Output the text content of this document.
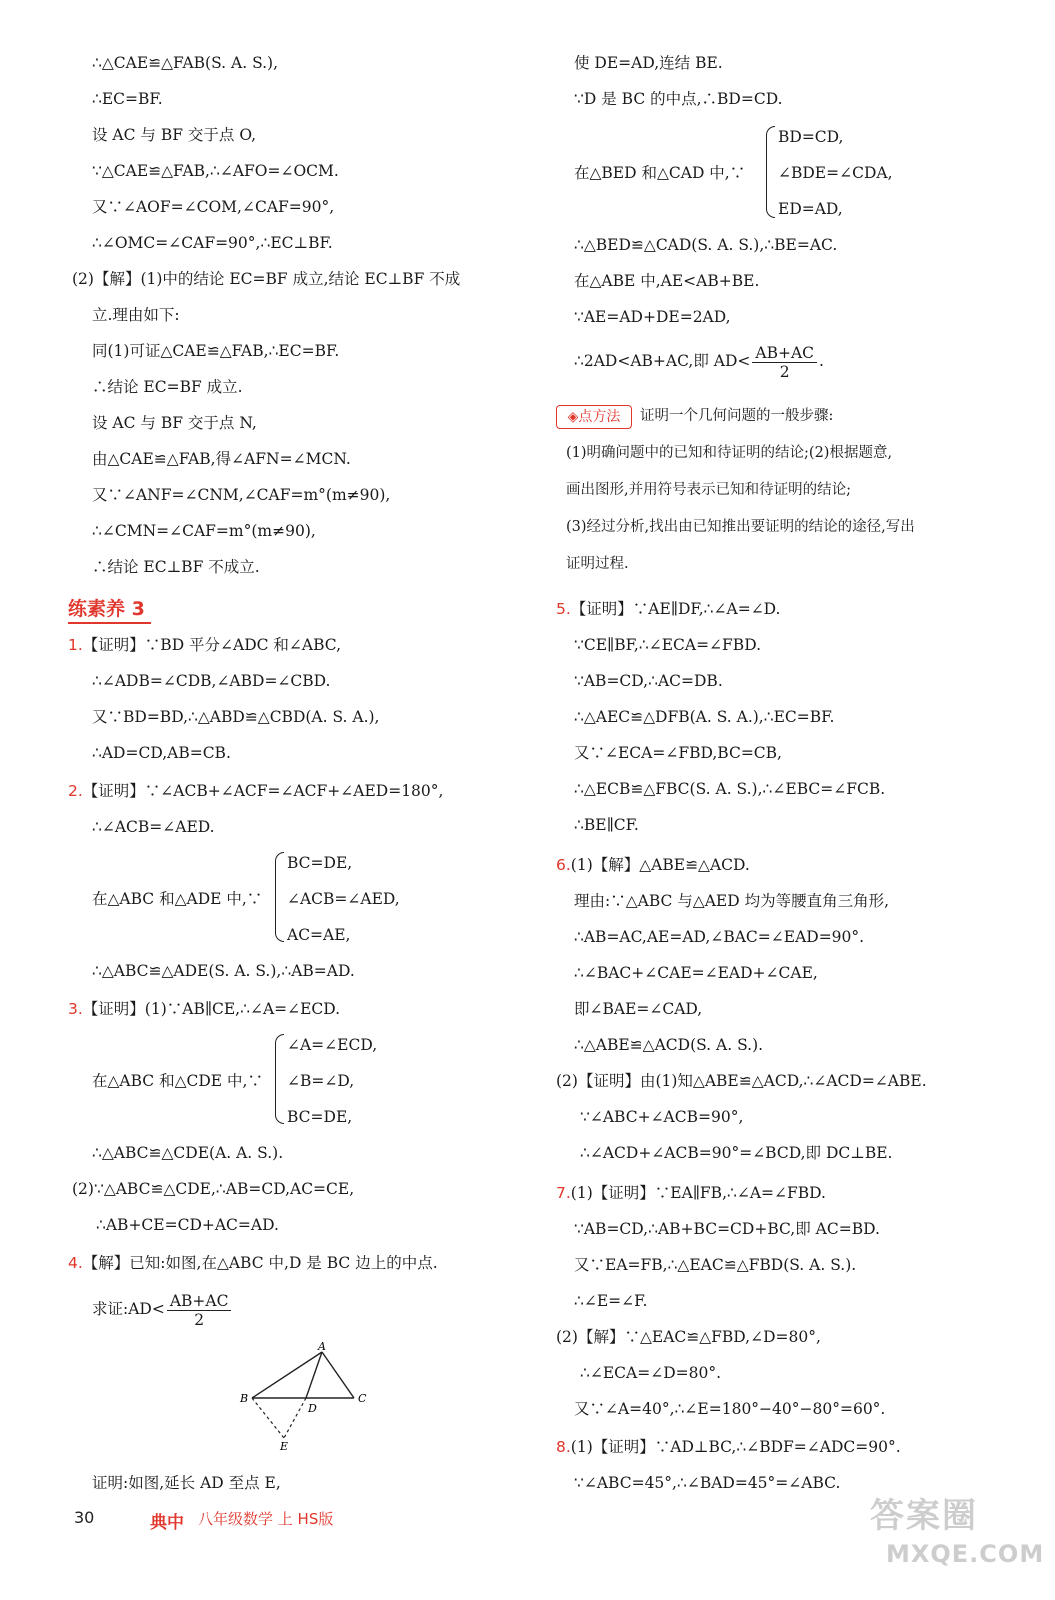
∴△CAE≌△FAB(S. A. S.),
∴EC=BF.
设 AC 与 BF 交于点 O,
∵△CAE≌△FAB,∴∠AFO=∠OCM.
又∵∠AOF=∠COM,∠CAF=90°,
∴∠OMC=∠CAF=90°,∴EC⊥BF.
(2)【解】(1)中的结论 EC=BF 成立,结论 EC⊥BF 不成
立.理由如下:
同(1)可证△CAE≌△FAB,∴EC=BF.
∴结论 EC=BF 成立.
设 AC 与 BF 交于点 N,
由△CAE≌△FAB,得∠AFN=∠MCN.
又∵∠ANF=∠CNM,∠CAF=m°(m≠90),
∴∠CMN=∠CAF=m°(m≠90),
∴结论 EC⊥BF 不成立.
练素养 3
1.【证明】∵BD 平分∠ADC 和∠ABC,
∴∠ADB=∠CDB,∠ABD=∠CBD.
又∵BD=BD,∴△ABD≌△CBD(A. S. A.),
∴AD=CD,AB=CB.
2.【证明】∵∠ACB+∠ACF=∠ACF+∠AED=180°,
∴∠ACB=∠AED.
在△ABC 和△ADE 中,∵
BC=DE,
∠ACB=∠AED,
AC=AE,
∴△ABC≌△ADE(S. A. S.),∴AB=AD.
3.【证明】(1)∵AB∥CE,∴∠A=∠ECD.
在△ABC 和△CDE 中,∵
∠A=∠ECD,
∠B=∠D,
BC=DE,
∴△ABC≌△CDE(A. A. S.).
(2)∵△ABC≌△CDE,∴AB=CD,AC=CE,
∴AB+CE=CD+AC=AD.
4.【解】已知:如图,在△ABC 中,D 是 BC 边上的中点.
求证:AD< $\frac{AB+AC}{2}$
A
B	C
D
E
证明:如图,延长 AD 至点 E,
使 DE=AD,连结 BE.
∵D 是 BC 的中点,∴BD=CD.
在△BED 和△CAD 中,∵
BD=CD,
∠BDE=∠CDA,
ED=AD,
∴△BED≌△CAD(S. A. S.),∴BE=AC.
在△ABE 中,AE<AB+BE.
∵AE=AD+DE=2AD,
∴2AD<AB+AC,即 $AD< \frac{AB+AC}{2}$ .
◈点方法	证明一个几何问题的一般步骤:
(1)明确问题中的已知和待证明的结论;(2)根据题意,
画出图形,并用符号表示已知和待证明的结论;
(3)经过分析,找出由已知推出要证明的结论的途径,写出
证明过程.
5.【证明】∵AE∥DF,∴∠A=∠D.
∵CE∥BF,∴∠ECA=∠FBD.
∵AB=CD,∴AC=DB.
∴△AEC≌△DFB(A. S. A.),∴EC=BF.
又∵∠ECA=∠FBD,BC=CB,
∴△ECB≌△FBC(S. A. S.),∴∠EBC=∠FCB.
∴BE∥CF.
6.(1)【解】△ABE≌△ACD.
理由:∵△ABC 与△AED 均为等腰直角三角形,
∴AB=AC,AE=AD,∠BAC=∠EAD=90°.
∴∠BAC+∠CAE=∠EAD+∠CAE,
即∠BAE=∠CAD,
∴△ABE≌△ACD(S. A. S.).
(2)【证明】由(1)知△ABE≌△ACD,∴∠ACD=∠ABE.
∵∠ABC+∠ACB=90°,
∴∠ACD+∠ACB=90°=∠BCD,即 DC⊥BE.
7.(1)【证明】∵EA∥FB,∴∠A=∠FBD.
∵AB=CD,∴AB+BC=CD+BC,即 AC=BD.
又∵EA=FB,∴△EAC≌△FBD(S. A. S.).
∴∠E=∠F.
(2)【解】∵△EAC≌△FBD,∠D=80°,
∴∠ECA=∠D=80°.
又∵∠A=40°,∴∠E=180°−40°−80°=60°.
8.(1)【证明】∵AD⊥BC,∴∠BDF=∠ADC=90°.
∵∠ABC=45°,∴∠BAD=45°=∠ABC.
30	典中 八年级数学 上 HS版	答案圈
MXQE.COM
